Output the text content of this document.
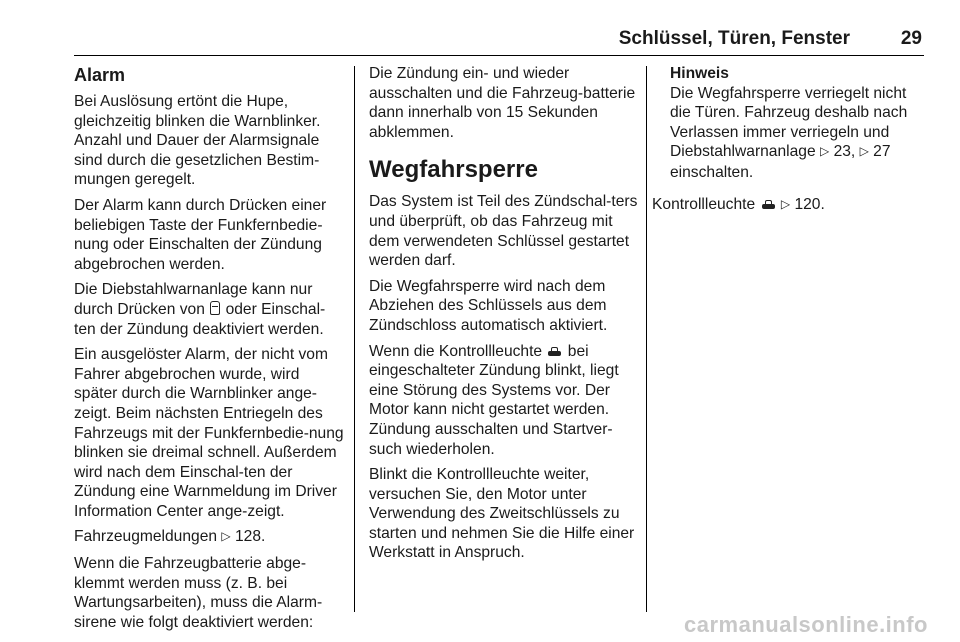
Schlüssel, Türen, Fenster	29
Alarm

Bei Auslösung ertönt die Hupe, gleichzeitig blinken die Warnblinker. Anzahl und Dauer der Alarmsignale sind durch die gesetzlichen Bestim-mungen geregelt.

Der Alarm kann durch Drücken einer beliebigen Taste der Funkfernbedie-nung oder Einschalten der Zündung abgebrochen werden.

Die Diebstahlwarnanlage kann nur durch Drücken von oder Einschal-ten der Zündung deaktiviert werden.

Ein ausgelöster Alarm, der nicht vom Fahrer abgebrochen wurde, wird später durch die Warnblinker ange-zeigt. Beim nächsten Entriegeln des Fahrzeugs mit der Funkfernbedie-nung blinken sie dreimal schnell. Außerdem wird nach dem Einschal-ten der Zündung eine Warnmeldung im Driver Information Center ange-zeigt.

Fahrzeugmeldungen ▷ 128.

Wenn die Fahrzeugbatterie abge-klemmt werden muss (z. B. bei Wartungsarbeiten), muss die Alarm-sirene wie folgt deaktiviert werden:

Die Zündung ein- und wieder ausschalten und die Fahrzeug-batterie dann innerhalb von 15 Sekunden abklemmen.

Wegfahrsperre

Das System ist Teil des Zündschal-ters und überprüft, ob das Fahrzeug mit dem verwendeten Schlüssel gestartet werden darf.

Die Wegfahrsperre wird nach dem Abziehen des Schlüssels aus dem Zündschloss automatisch aktiviert.

Wenn die Kontrollleuchte bei eingeschalteter Zündung blinkt, liegt eine Störung des Systems vor. Der Motor kann nicht gestartet werden. Zündung ausschalten und Startver-such wiederholen.

Blinkt die Kontrollleuchte weiter, versuchen Sie, den Motor unter Verwendung des Zweitschlüssels zu starten und nehmen Sie die Hilfe einer Werkstatt in Anspruch.

Hinweis
Die Wegfahrsperre verriegelt nicht die Türen. Fahrzeug deshalb nach Verlassen immer verriegeln und Diebstahlwarnanlage ▷ 23, ▷ 27 einschalten.

Kontrollleuchte ▷ 120.

carmanualsonline.info
